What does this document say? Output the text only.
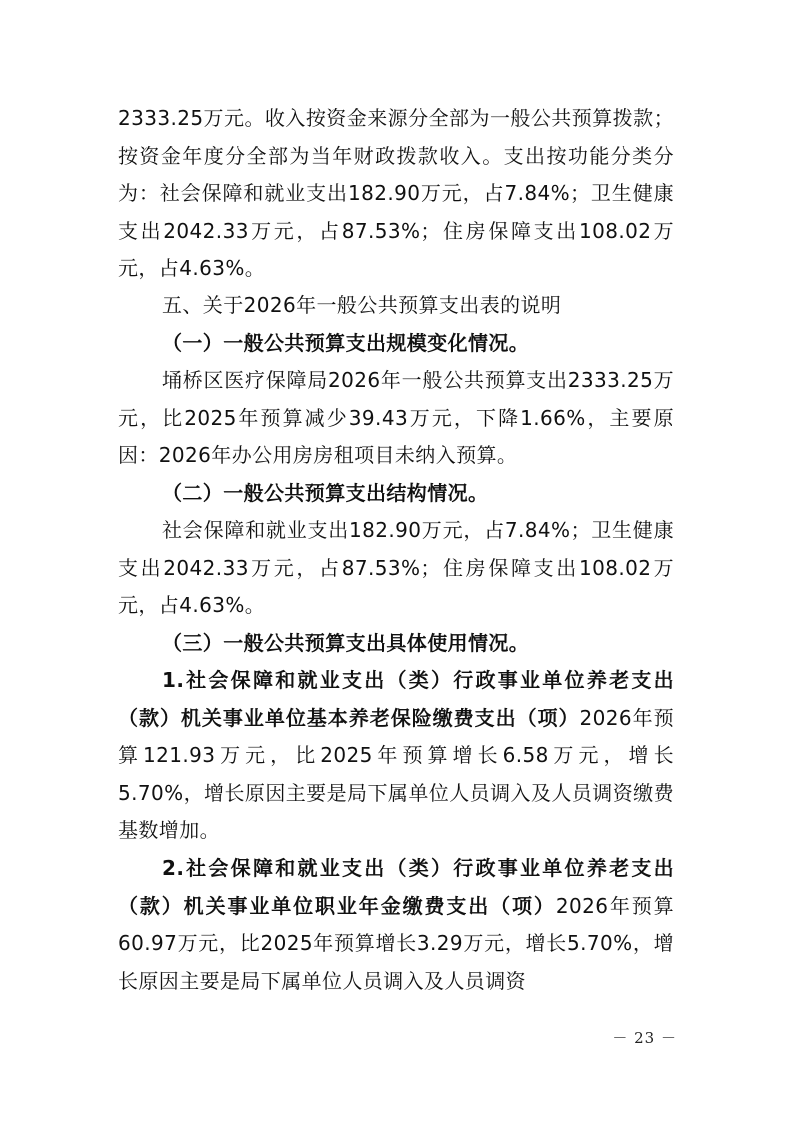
2333.25万元。收入按资金来源分全部为一般公共预算拨款；按资金年度分全部为当年财政拨款收入。支出按功能分类分为：社会保障和就业支出182.90万元，占7.84%；卫生健康支出2042.33万元，占87.53%；住房保障支出108.02万元，占4.63%。

五、关于2026年一般公共预算支出表的说明

（一）一般公共预算支出规模变化情况。

埇桥区医疗保障局2026年一般公共预算支出2333.25万元，比2025年预算减少39.43万元，下降1.66%，主要原因：2026年办公用房房租项目未纳入预算。

（二）一般公共预算支出结构情况。

社会保障和就业支出182.90万元，占7.84%；卫生健康支出2042.33万元，占87.53%；住房保障支出108.02万元，占4.63%。

（三）一般公共预算支出具体使用情况。

1.社会保障和就业支出（类）行政事业单位养老支出（款）机关事业单位基本养老保险缴费支出（项）2026年预算121.93万元，比2025年预算增长6.58万元，增长5.70%，增长原因主要是局下属单位人员调入及人员调资缴费基数增加。

2.社会保障和就业支出（类）行政事业单位养老支出（款）机关事业单位职业年金缴费支出（项）2026年预算60.97万元，比2025年预算增长3.29万元，增长5.70%，增长原因主要是局下属单位人员调入及人员调资

－ 23 －
